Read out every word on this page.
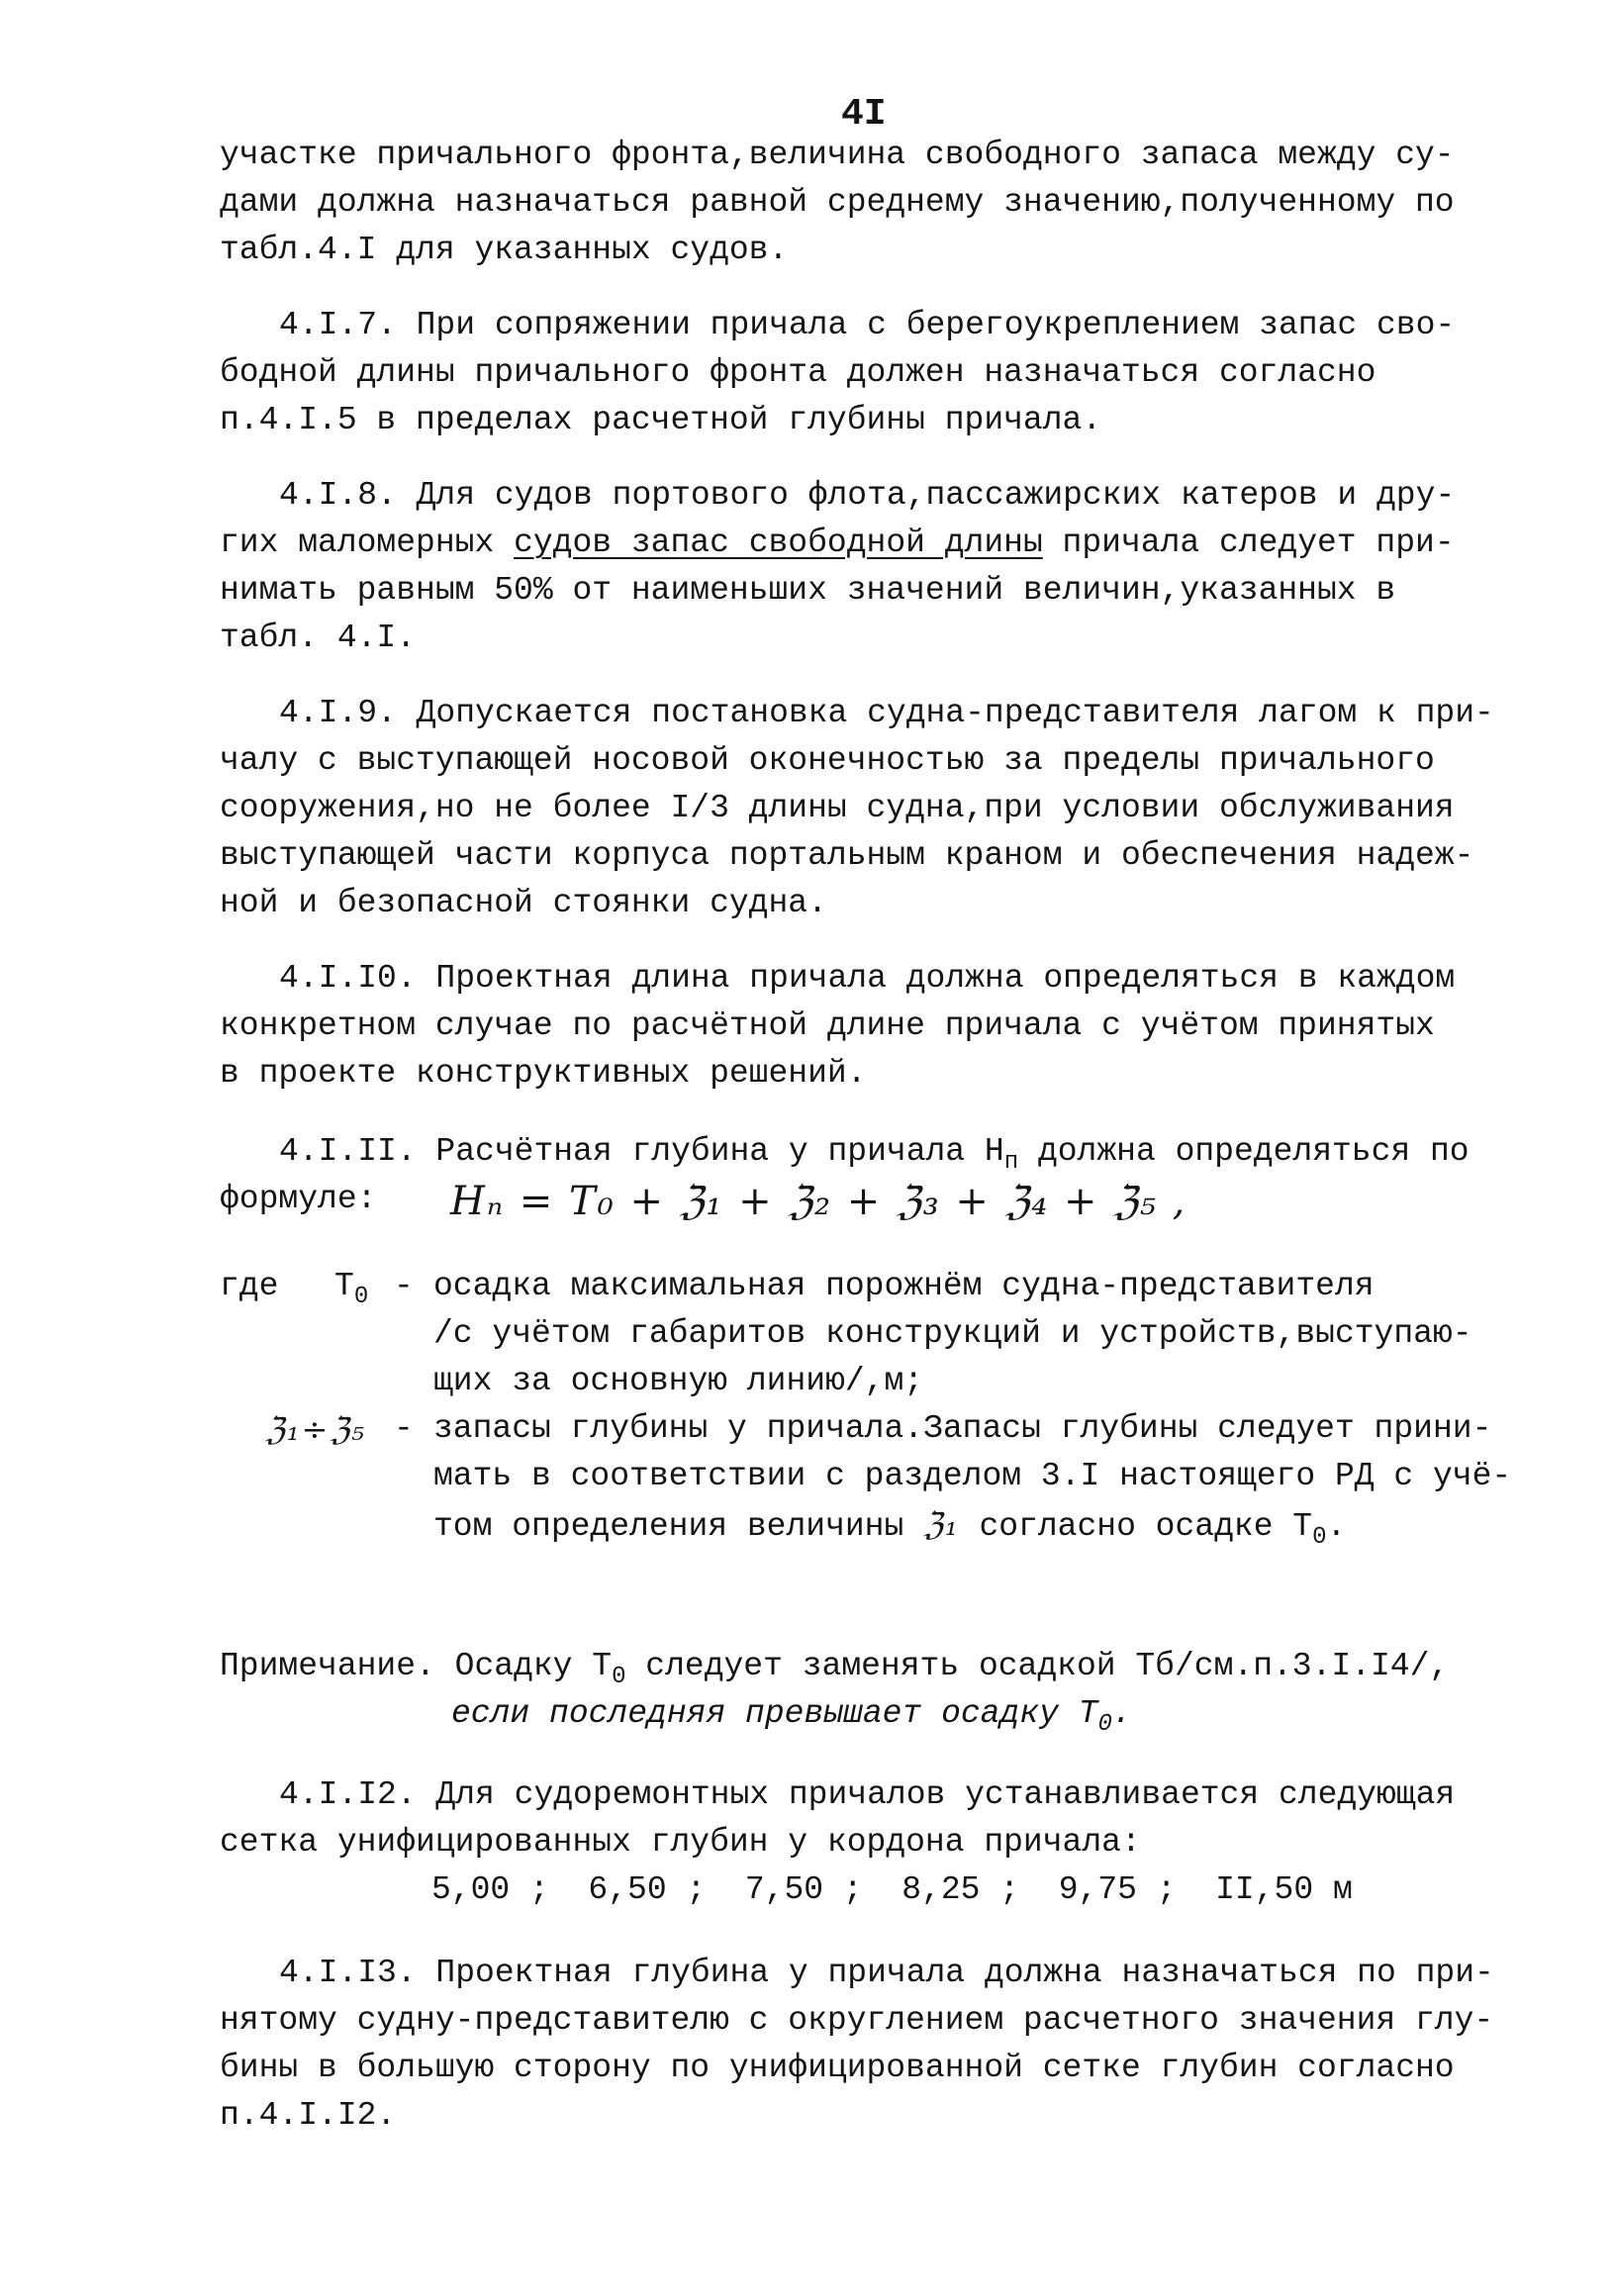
4I
участке причального фронта,величина свободного запаса между су-
дами должна назначаться равной среднему значению,полученному по
табл.4.I для указанных судов.
4.I.7. При сопряжении причала с берегоукреплением запас сво-
бодной длины причального фронта должен назначаться согласно
п.4.I.5 в пределах расчетной глубины причала.
4.I.8. Для судов портового флота,пассажирских катеров и дру-
гих маломерных судов запас свободной длины причала следует при-
нимать равным 50% от наименьших значений величин,указанных в
табл. 4.I.
4.I.9. Допускается постановка судна-представителя лагом к при-
чалу с выступающей носовой оконечностью за пределы причального
сооружения,но не более I/3 длины судна,при условии обслуживания
выступающей части корпуса портальным краном и обеспечения надеж-
ной и безопасной стоянки судна.
4.I.I0. Проектная длина причала должна определяться в каждом
конкретном случае по расчётной длине причала с учётом принятых
в проекте конструктивных решений.
4.I.II. Расчётная глубина у причала $H_п$ должна определяться по
формуле: Hₙ = T₀ + ℨ₁ + ℨ₂ + ℨ₃ + ℨ₄ + ℨ₅ ,
где $T_0$ - осадка максимальная порожнём судна-представителя
/с учётом габаритов конструкций и устройств,выступаю-
щих за основную линию/,м;
ℨ₁÷ℨ₅ - запасы глубины у причала.Запасы глубины следует прини-
мать в соответствии с разделом 3.I настоящего РД с учё-
том определения величины ℨ₁ согласно осадке $T_0$.
Примечание. Осадку $T_0$ следует заменять осадкой Tб/см.п.3.I.I4/,
если последняя превышает осадку $T_0$.
4.I.I2. Для судоремонтных причалов устанавливается следующая
сетка унифицированных глубин у кордона причала:
5,00 ;  6,50 ;  7,50 ;  8,25 ;  9,75 ;  II,50 м
4.I.I3. Проектная глубина у причала должна назначаться по при-
нятому судну-представителю с округлением расчетного значения глу-
бины в большую сторону по унифицированной сетке глубин согласно
п.4.I.I2.
